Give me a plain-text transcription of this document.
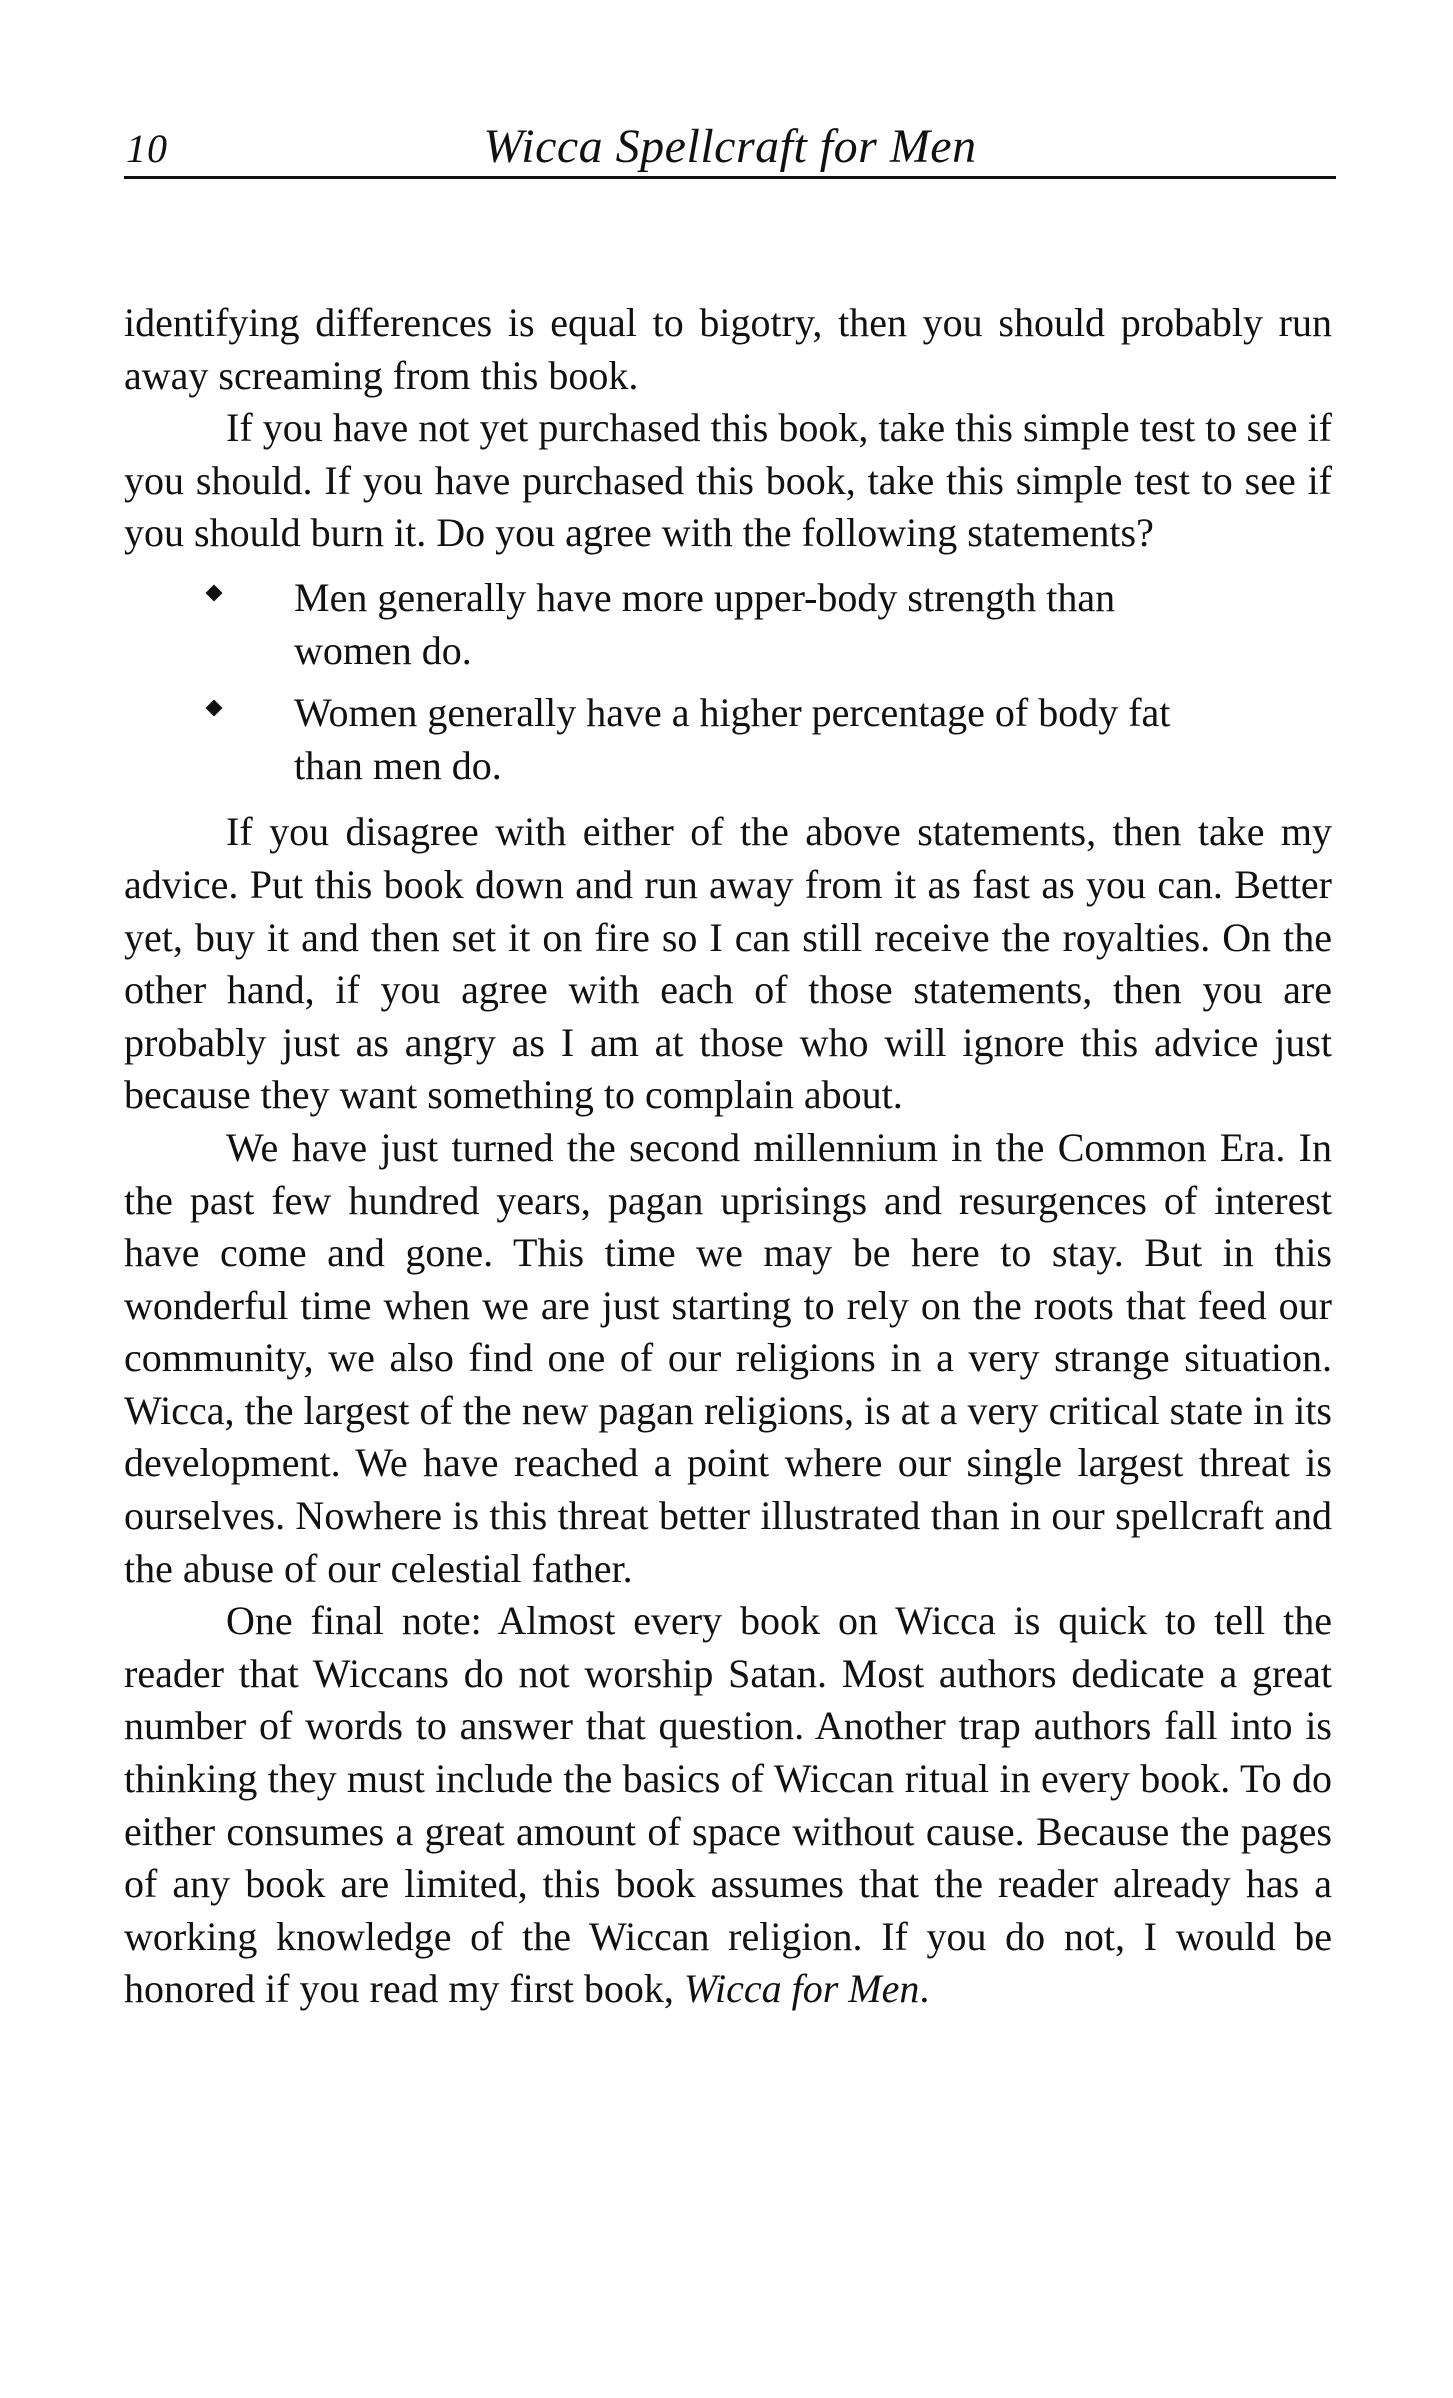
10	Wicca Spellcraft for Men

identifying differences is equal to bigotry, then you should probably run away screaming from this book.

If you have not yet purchased this book, take this simple test to see if you should. If you have purchased this book, take this simple test to see if you should burn it. Do you agree with the following statements?

Men generally have more upper-body strength than women do.
Women generally have a higher percentage of body fat than men do.

If you disagree with either of the above statements, then take my advice. Put this book down and run away from it as fast as you can. Better yet, buy it and then set it on fire so I can still receive the royalties. On the other hand, if you agree with each of those statements, then you are probably just as angry as I am at those who will ignore this advice just because they want something to complain about.

We have just turned the second millennium in the Common Era. In the past few hundred years, pagan uprisings and resurgences of interest have come and gone. This time we may be here to stay. But in this wonderful time when we are just starting to rely on the roots that feed our community, we also find one of our religions in a very strange situation. Wicca, the largest of the new pagan religions, is at a very critical state in its development. We have reached a point where our single largest threat is ourselves. Nowhere is this threat better illustrated than in our spellcraft and the abuse of our celestial father.

One final note: Almost every book on Wicca is quick to tell the reader that Wiccans do not worship Satan. Most authors dedicate a great number of words to answer that question. Another trap authors fall into is thinking they must include the basics of Wiccan ritual in every book. To do either consumes a great amount of space without cause. Because the pages of any book are limited, this book assumes that the reader already has a working knowledge of the Wiccan religion. If you do not, I would be honored if you read my first book, Wicca for Men.
